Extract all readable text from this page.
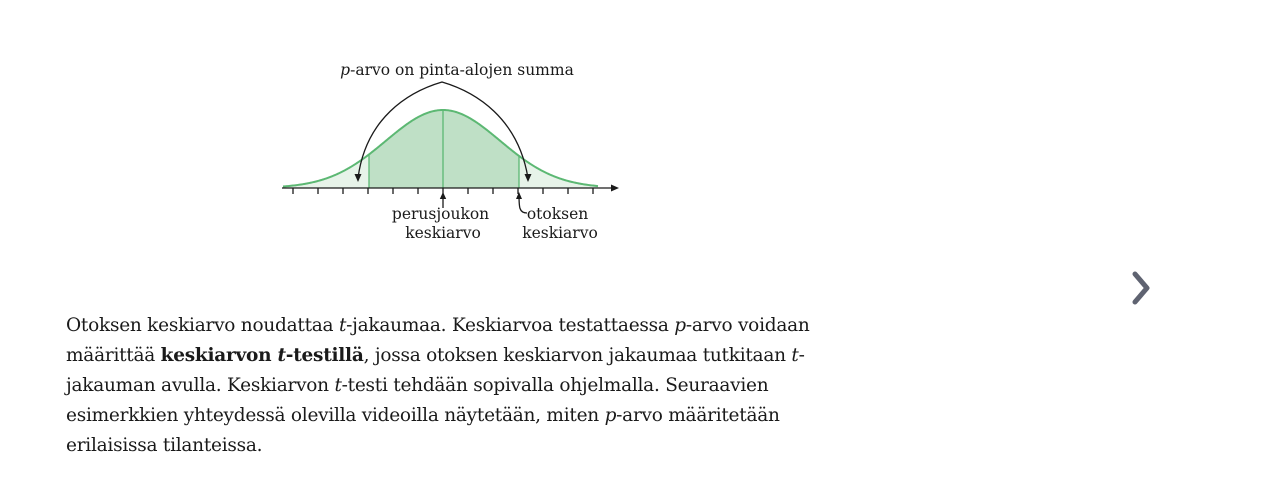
p-arvo on pinta-alojen summa
perusjoukon keskiarvo
otoksen keskiarvo

Otoksen keskiarvo noudattaa t-jakaumaa. Keskiarvoa testattaessa p-arvo voidaan määrittää keskiarvon t-testillä, jossa otoksen keskiarvon jakaumaa tutkitaan t-jakauman avulla. Keskiarvon t-testi tehdään sopivalla ohjelmalla. Seuraavien esimerkkien yhteydessä olevilla videoilla näytetään, miten p-arvo määritetään erilaisissa tilanteissa.
